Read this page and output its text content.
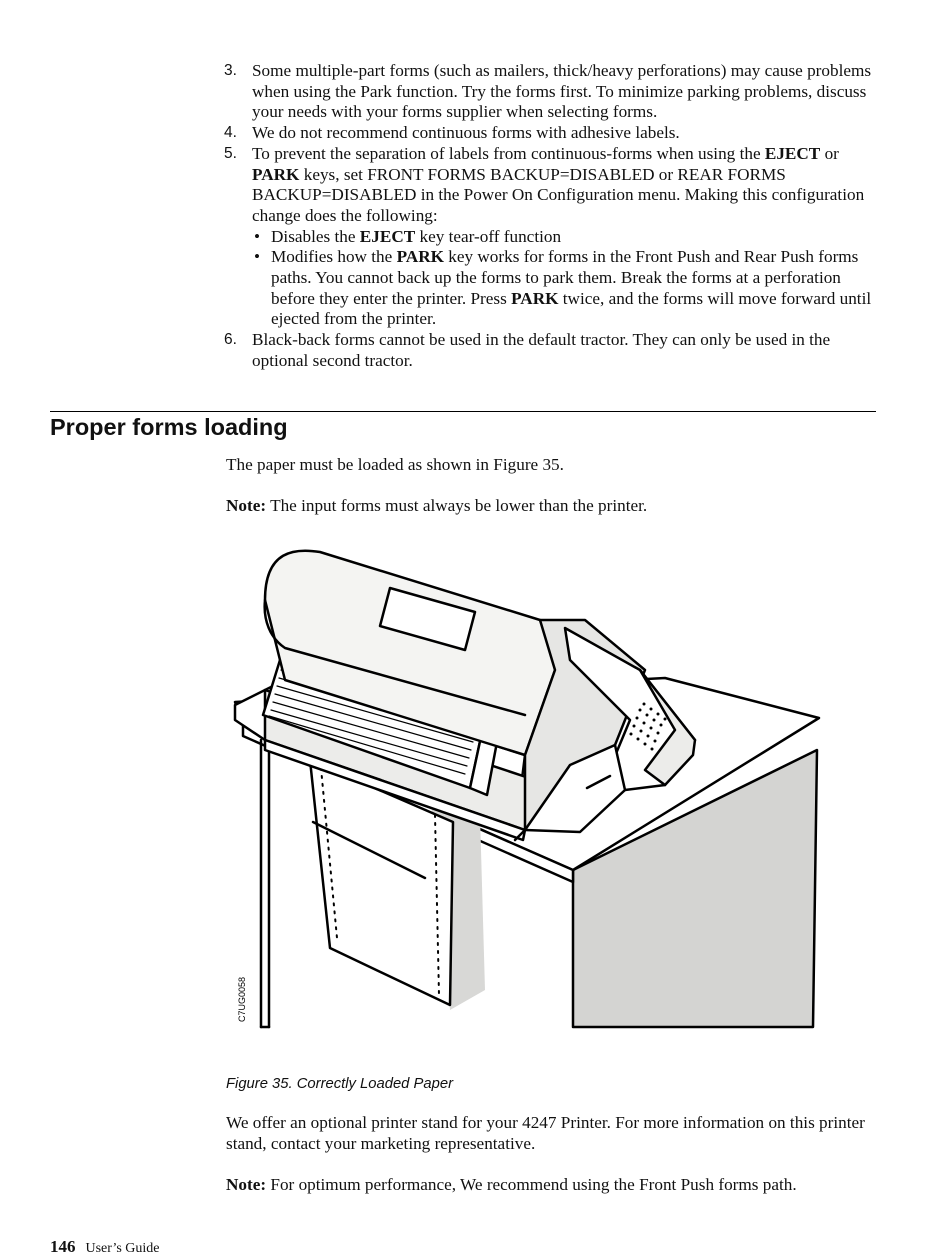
3. Some multiple-part forms (such as mailers, thick/heavy perforations) may cause problems when using the Park function. Try the forms first. To minimize parking problems, discuss your needs with your forms supplier when selecting forms.
4. We do not recommend continuous forms with adhesive labels.
5. To prevent the separation of labels from continuous-forms when using the EJECT or PARK keys, set FRONT FORMS BACKUP=DISABLED or REAR FORMS BACKUP=DISABLED in the Power On Configuration menu. Making this configuration change does the following:
• Disables the EJECT key tear-off function
• Modifies how the PARK key works for forms in the Front Push and Rear Push forms paths. You cannot back up the forms to park them. Break the forms at a perforation before they enter the printer. Press PARK twice, and the forms will move forward until ejected from the printer.
6. Black-back forms cannot be used in the default tractor. They can only be used in the optional second tractor.
Proper forms loading
The paper must be loaded as shown in Figure 35.
Note: The input forms must always be lower than the printer.
C7UG0058
Figure 35. Correctly Loaded Paper
We offer an optional printer stand for your 4247 Printer. For more information on this printer stand, contact your marketing representative.
Note: For optimum performance, We recommend using the Front Push forms path.
146 User’s Guide
